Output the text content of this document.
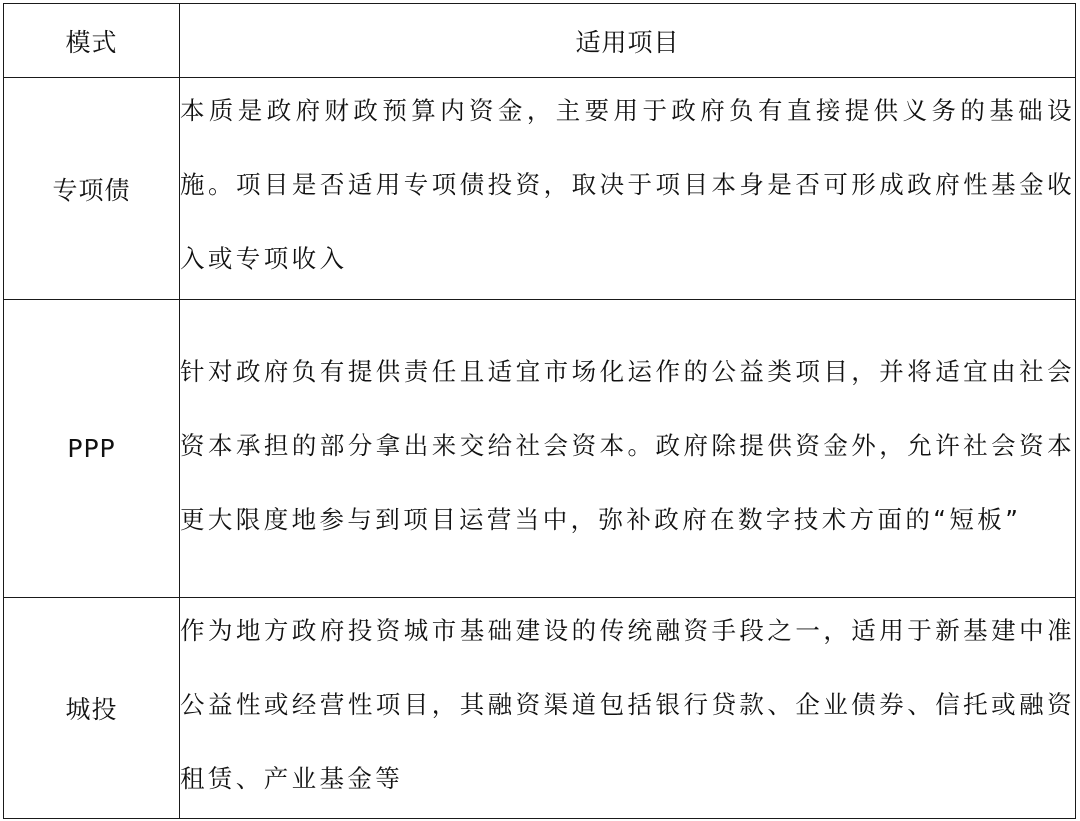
模式	适用项目
专项债	本质是政府财政预算内资金，主要用于政府负有直接提供义务的基础设施。项目是否适用专项债投资，取决于项目本身是否可形成政府性基金收入或专项收入

PPP	针对政府负有提供责任且适宜市场化运作的公益类项目，并将适宜由社会资本承担的部分拿出来交给社会资本。政府除提供资金外，允许社会资本更大限度地参与到项目运营当中，弥补政府在数字技术方面的“短板”

城投	作为地方政府投资城市基础建设的传统融资手段之一，适用于新基建中准公益性或经营性项目，其融资渠道包括银行贷款、企业债券、信托或融资租赁、产业基金等
